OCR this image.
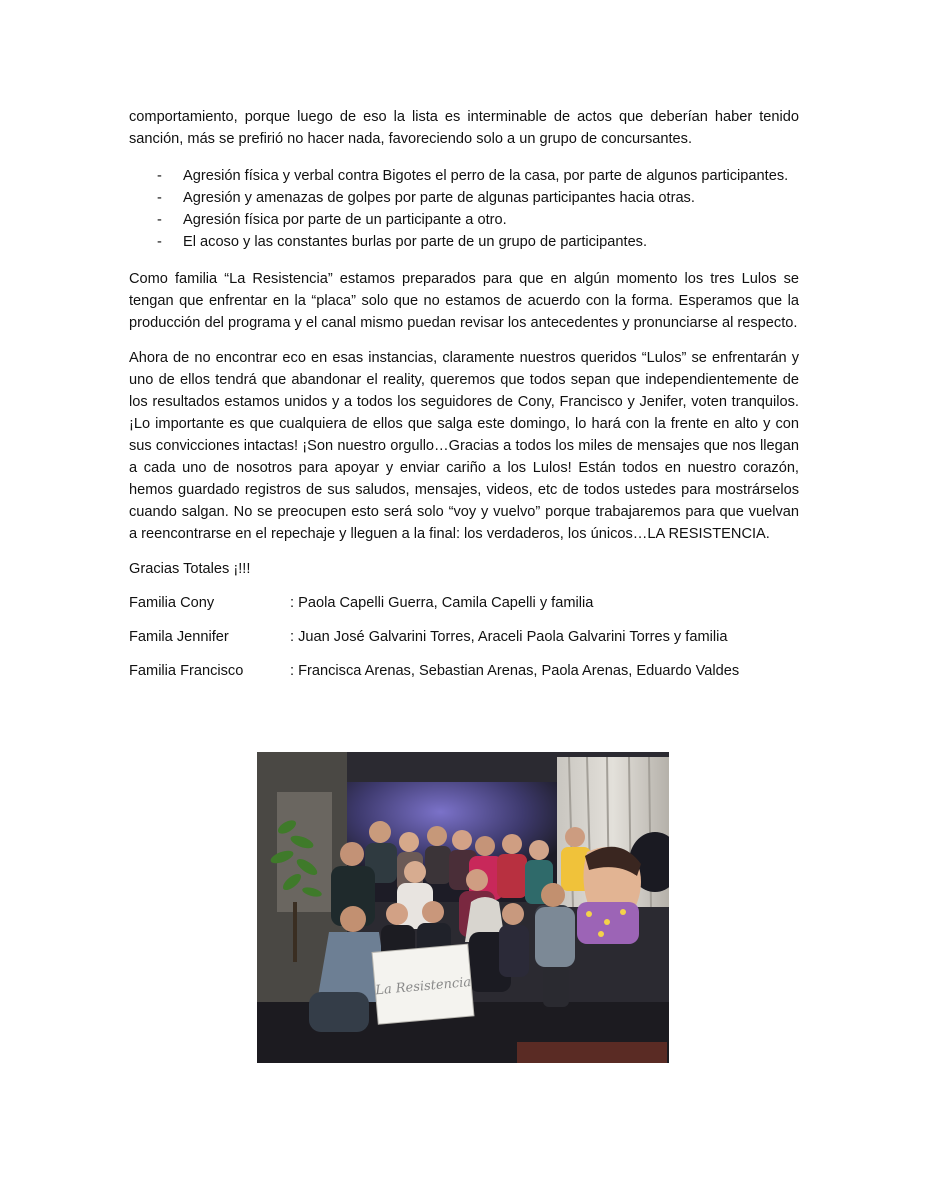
comportamiento, porque luego de eso la lista es interminable de actos que deberían haber tenido sanción, más se prefirió no hacer nada, favoreciendo solo a un grupo de concursantes.

- Agresión física y verbal contra Bigotes el perro de la casa, por parte de algunos participantes.
- Agresión y amenazas de golpes por parte de algunas participantes hacia otras.
- Agresión física por parte de un participante a otro.
- El acoso y las constantes burlas por parte de un grupo de participantes.

Como familia “La Resistencia” estamos preparados para que en algún momento los tres Lulos se tengan que enfrentar en la “placa” solo que no estamos de acuerdo con la forma. Esperamos que la producción del programa y el canal mismo puedan revisar los antecedentes y pronunciarse al respecto.

Ahora de no encontrar eco en esas instancias, claramente nuestros queridos “Lulos” se enfrentarán y uno de ellos tendrá que abandonar el reality, queremos que todos sepan que independientemente de los resultados estamos unidos y a todos los seguidores de Cony, Francisco y Jenifer, voten tranquilos. ¡Lo importante es que cualquiera de ellos que salga este domingo, lo hará con la frente en alto y con sus convicciones intactas! ¡Son nuestro orgullo…Gracias a todos los miles de mensajes que nos llegan a cada uno de nosotros para apoyar y enviar cariño a los Lulos! Están todos en nuestro corazón, hemos guardado registros de sus saludos, mensajes, videos, etc de todos ustedes para mostrárselos cuando salgan. No se preocupen esto será solo “voy y vuelvo” porque trabajaremos para que vuelvan a reencontrarse en el repechaje y lleguen a la final: los verdaderos, los únicos…LA RESISTENCIA.

Gracias Totales ¡!!!

Familia Cony	: Paola Capelli Guerra, Camila Capelli y familia
Famila Jennifer	: Juan José Galvarini Torres, Araceli Paola Galvarini Torres y familia
Familia Francisco	: Francisca Arenas, Sebastian Arenas, Paola Arenas, Eduardo Valdes
La Resistencia
